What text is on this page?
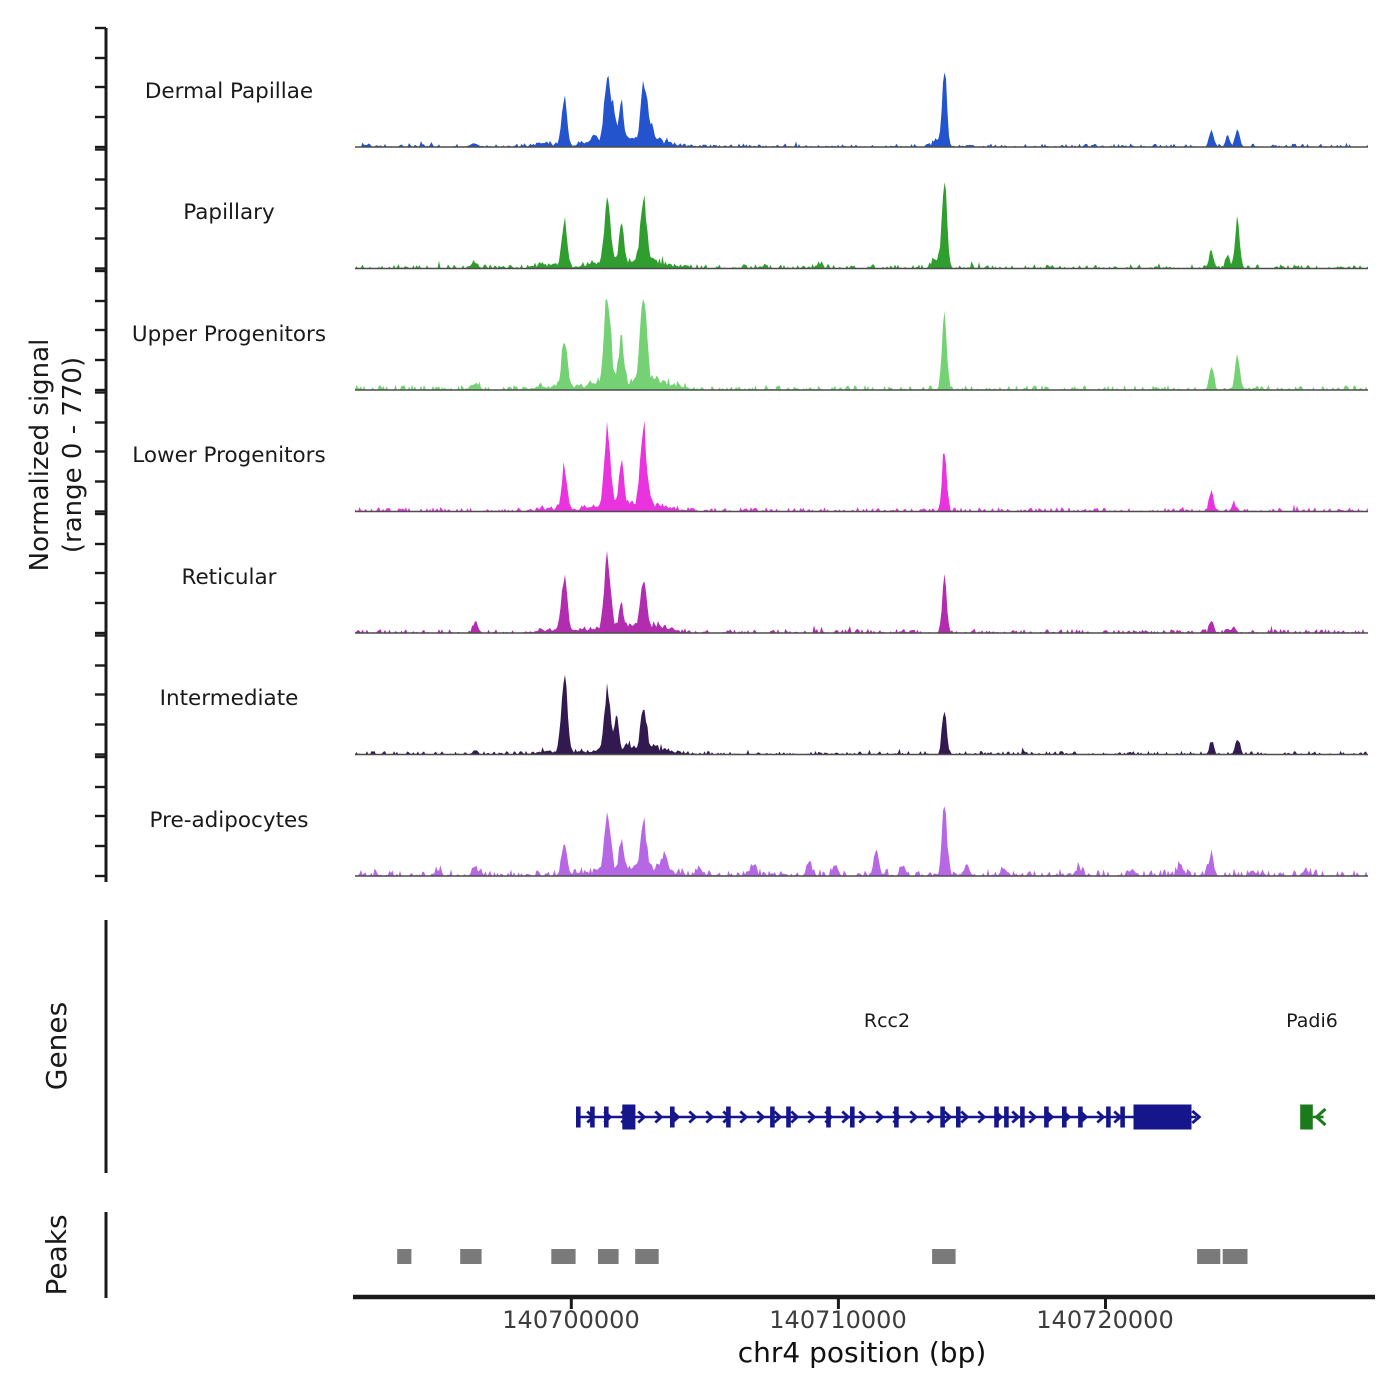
Dermal Papillae
Papillary
Upper Progenitors
Lower Progenitors
Reticular
Intermediate
Pre-adipocytes
Normalized signal (range 0 - 770)
Genes
Peaks
Rcc2	Padi6
140700000	140710000	140720000
chr4 position (bp)
